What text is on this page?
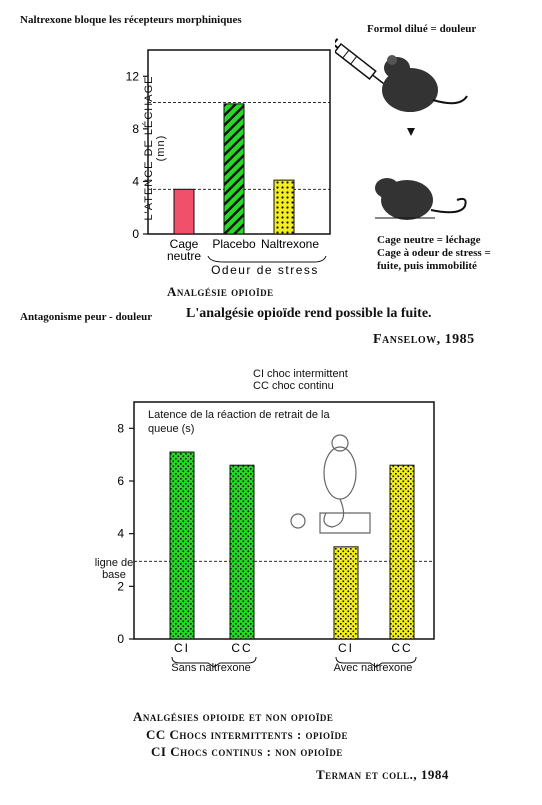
Naltrexone bloque les récepteurs morphiniques
Formol dilué = douleur
Cage neutre = léchage
Cage à odeur de stress =
fuite, puis immobilité
0
4
8
12
Cage
neutre
Placebo Naltrexone
Odeur de stress
L'ATENCE DE LÉCHAGE (mn)
Analgésie opioïde
Antagonisme peur - douleur L'analgésie opioïde rend possible la fuite.
Fanselow, 1985
CI choc intermittent
CC choc continu
0
2
4
6
8
CI	CC	CI	CC
Latence de la réaction de retrait de la queue (s)
ligne de base
Sans naltrexone	Avec naltrexone
Analgésies opioide et non opioïde
CC Chocs intermittents : opioïde
CI Chocs continus : non opioïde
Terman et coll., 1984
